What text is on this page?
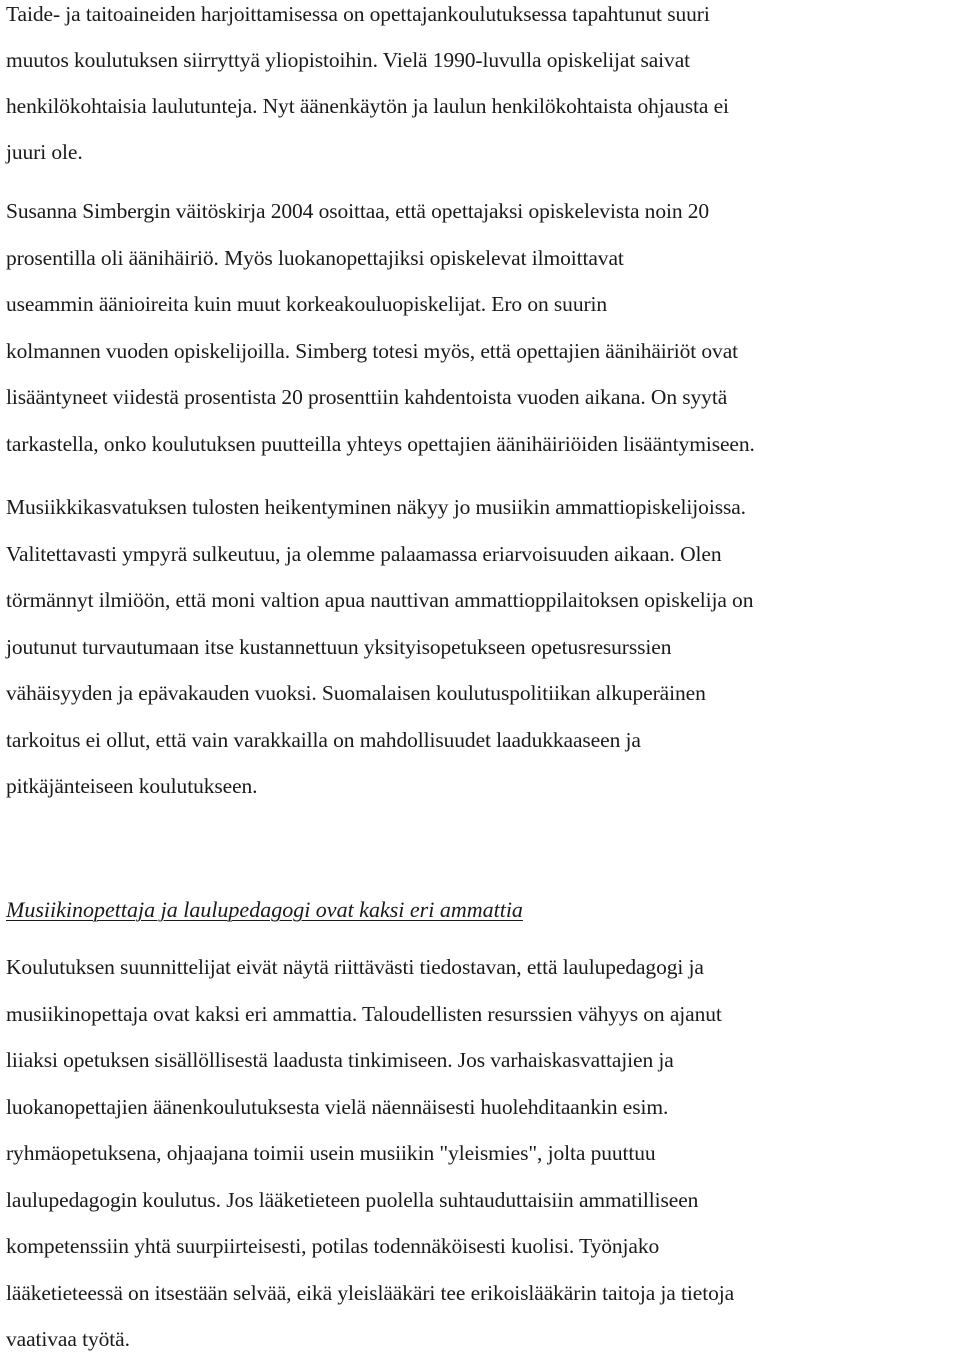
Taide- ja taitoaineiden harjoittamisessa on opettajankoulutuksessa tapahtunut suuri
muutos koulutuksen siirryttyä yliopistoihin. Vielä 1990-luvulla opiskelijat saivat
henkilökohtaisia laulutunteja. Nyt äänenkäytön ja laulun henkilökohtaista ohjausta ei
juuri ole.

Susanna Simbergin väitöskirja 2004 osoittaa, että opettajaksi opiskelevista noin 20
prosentilla oli äänihäiriö. Myös luokanopettajiksi opiskelevat ilmoittavat
useammin äänioireita kuin muut korkeakouluopiskelijat. Ero on suurin
kolmannen vuoden opiskelijoilla. Simberg totesi myös, että opettajien äänihäiriöt ovat
lisääntyneet viidestä prosentista 20 prosenttiin kahdentoista vuoden aikana. On syytä
tarkastella, onko koulutuksen puutteilla yhteys opettajien äänihäiriöiden lisääntymiseen.

Musiikkikasvatuksen tulosten heikentyminen näkyy jo musiikin ammattiopiskelijoissa.
Valitettavasti ympyrä sulkeutuu, ja olemme palaamassa eriarvoisuuden aikaan. Olen
törmännyt ilmiöön, että moni valtion apua nauttivan ammattioppilaitoksen opiskelija on
joutunut turvautumaan itse kustannettuun yksityisopetukseen opetusresurssien
vähäisyyden ja epävakauden vuoksi. Suomalaisen koulutuspolitiikan alkuperäinen
tarkoitus ei ollut, että vain varakkailla on mahdollisuudet laadukkaaseen ja
pitkäjänteiseen koulutukseen.

Musiikinopettaja ja laulupedagogi ovat kaksi eri ammattia

Koulutuksen suunnittelijat eivät näytä riittävästi tiedostavan, että laulupedagogi ja
musiikinopettaja ovat kaksi eri ammattia. Taloudellisten resurssien vähyys on ajanut
liiaksi opetuksen sisällöllisestä laadusta tinkimiseen. Jos varhaiskasvattajien ja
luokanopettajien äänenkoulutuksesta vielä näennäisesti huolehditaankin esim.
ryhmäopetuksena, ohjaajana toimii usein musiikin "yleismies", jolta puuttuu
laulupedagogin koulutus. Jos lääketieteen puolella suhtauduttaisiin ammatilliseen
kompetenssiin yhtä suurpiirteisesti, potilas todennäköisesti kuolisi. Työnjako
lääketieteessä on itsestään selvää, eikä yleislääkäri tee erikoislääkärin taitoja ja tietoja
vaativaa työtä.
